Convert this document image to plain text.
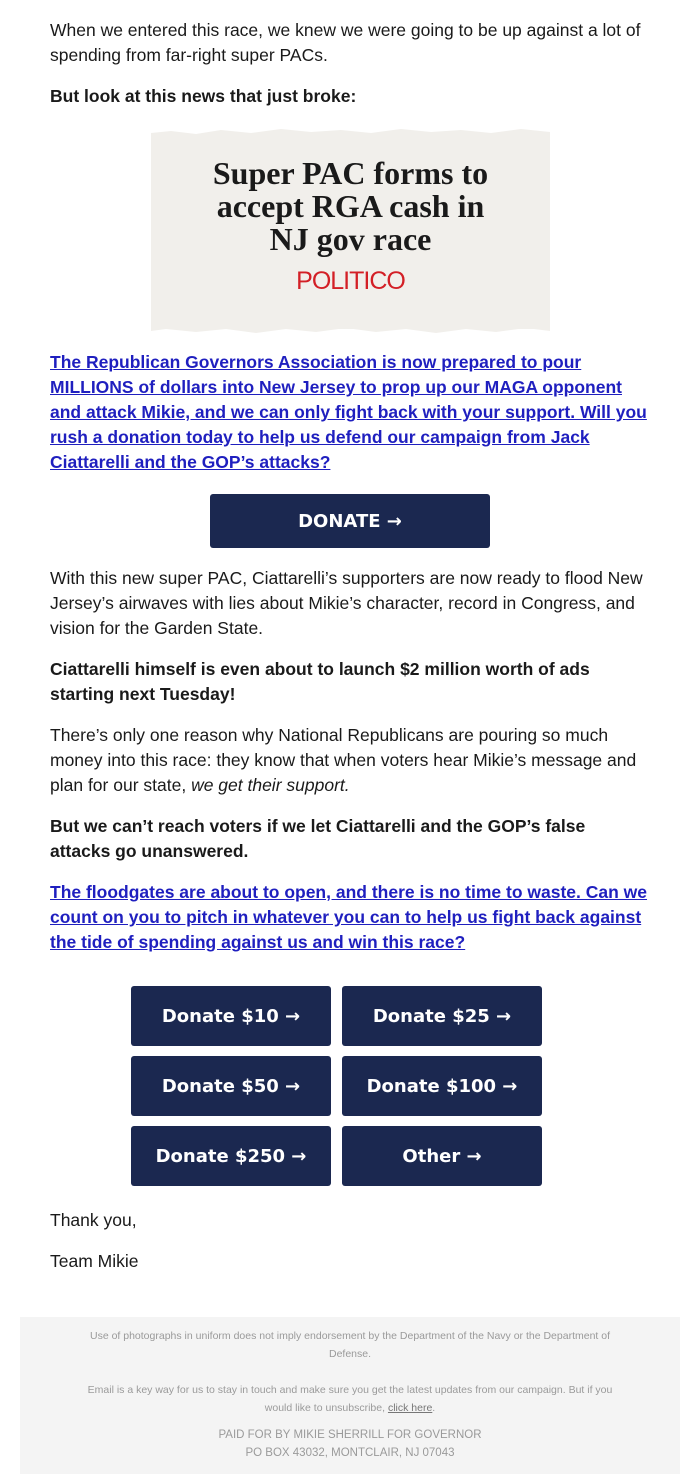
When we entered this race, we knew we were going to be up against a lot of spending from far-right super PACs.

But look at this news that just broke:

Super PAC forms to
accept RGA cash in
NJ gov race
POLITICO

The Republican Governors Association is now prepared to pour MILLIONS of dollars into New Jersey to prop up our MAGA opponent and attack Mikie, and we can only fight back with your support. Will you rush a donation today to help us defend our campaign from Jack Ciattarelli and the GOP’s attacks?

DONATE →

With this new super PAC, Ciattarelli’s supporters are now ready to flood New Jersey’s airwaves with lies about Mikie’s character, record in Congress, and vision for the Garden State.

Ciattarelli himself is even about to launch $2 million worth of ads starting next Tuesday!

There’s only one reason why National Republicans are pouring so much money into this race: they know that when voters hear Mikie’s message and plan for our state, we get their support.

But we can’t reach voters if we let Ciattarelli and the GOP’s false attacks go unanswered.

The floodgates are about to open, and there is no time to waste. Can we count on you to pitch in whatever you can to help us fight back against the tide of spending against us and win this race?

Donate $10 →	Donate $25 →
Donate $50 →	Donate $100 →
Donate $250 →	Other →

Thank you,

Team Mikie

Use of photographs in uniform does not imply endorsement by the Department of the Navy or the Department of Defense.
Email is a key way for us to stay in touch and make sure you get the latest updates from our campaign. But if you would like to unsubscribe, click here.
PAID FOR BY MIKIE SHERRILL FOR GOVERNOR
PO BOX 43032, MONTCLAIR, NJ 07043
